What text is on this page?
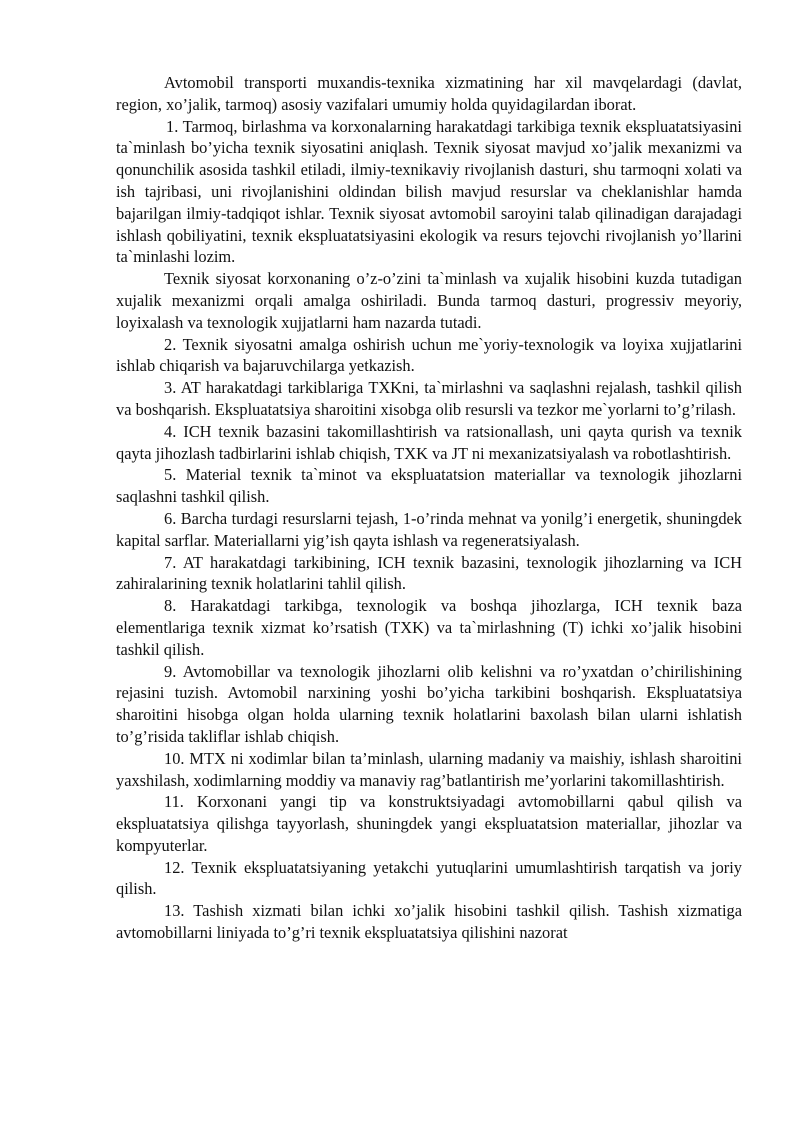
Avtomobil transporti muxandis-texnika xizmatining har xil mavqelardagi (davlat, region, xo’jalik, tarmoq) asosiy vazifalari umumiy holda quyidagilardan iborat.

1. Tarmoq, birlashma va korxonalarning harakatdagi tarkibiga texnik ekspluatatsiyasini ta`minlash bo’yicha texnik siyosatini aniqlash. Texnik siyosat mavjud xo’jalik mexanizmi va qonunchilik asosida tashkil etiladi, ilmiy-texnikaviy rivojlanish dasturi, shu tarmoqni xolati va ish tajribasi, uni rivojlanishini oldindan bilish mavjud resurslar va cheklanishlar hamda bajarilgan ilmiy-tadqiqot ishlar. Texnik siyosat avtomobil saroyini talab qilinadigan darajadagi ishlash qobiliyatini, texnik ekspluatatsiyasini ekologik va resurs tejovchi rivojlanish yo’llarini ta`minlashi lozim.

Texnik siyosat korxonaning o’z-o’zini ta`minlash va xujalik hisobini kuzda tutadigan xujalik mexanizmi orqali amalga oshiriladi. Bunda tarmoq dasturi, progressiv meyoriy, loyixalash va texnologik xujjatlarni ham nazarda tutadi.

2. Texnik siyosatni amalga oshirish uchun me`yoriy-texnologik va loyixa xujjatlarini ishlab chiqarish va bajaruvchilarga yetkazish.

3. AT harakatdagi tarkiblariga TXKni, ta`mirlashni va saqlashni rejalash, tashkil qilish va boshqarish. Ekspluatatsiya sharoitini xisobga olib resursli va tezkor me`yorlarni to’g’rilash.

4. ICH texnik bazasini takomillashtirish va ratsionallash, uni qayta qurish va texnik qayta jihozlash tadbirlarini ishlab chiqish, TXK va JT ni mexanizatsiyalash va robotlashtirish.

5. Material texnik ta`minot va ekspluatatsion materiallar va texnologik jihozlarni saqlashni tashkil qilish.

6. Barcha turdagi resurslarni tejash, 1-o’rinda mehnat va yonilg’i energetik, shuningdek kapital sarflar. Materiallarni yig’ish qayta ishlash va regeneratsiyalash.

7. AT harakatdagi tarkibining, ICH texnik bazasini, texnologik jihozlarning va ICH zahiralarining texnik holatlarini tahlil qilish.

8. Harakatdagi tarkibga, texnologik va boshqa jihozlarga, ICH texnik baza elementlariga texnik xizmat ko’rsatish (TXK) va ta`mirlashning (T) ichki xo’jalik hisobini tashkil qilish.

9. Avtomobillar va texnologik jihozlarni olib kelishni va ro’yxatdan o’chirilishining rejasini tuzish. Avtomobil narxining yoshi bo’yicha tarkibini boshqarish. Ekspluatatsiya sharoitini hisobga olgan holda ularning texnik holatlarini baxolash bilan ularni ishlatish to’g’risida takliflar ishlab chiqish.

10. MTX ni xodimlar bilan ta’minlash, ularning madaniy va maishiy, ishlash sharoitini yaxshilash, xodimlarning moddiy va manaviy rag’batlantirish me’yorlarini takomillashtirish.

11. Korxonani yangi tip va konstruktsiyadagi avtomobillarni qabul qilish va ekspluatatsiya qilishga tayyorlash, shuningdek yangi ekspluatatsion materiallar, jihozlar va kompyuterlar.

12. Texnik ekspluatatsiyaning yetakchi yutuqlarini umumlashtirish tarqatish va joriy qilish.

13. Tashish xizmati bilan ichki xo’jalik hisobini tashkil qilish. Tashish xizmatiga avtomobillarni liniyada to’g’ri texnik ekspluatatsiya qilishini nazorat
